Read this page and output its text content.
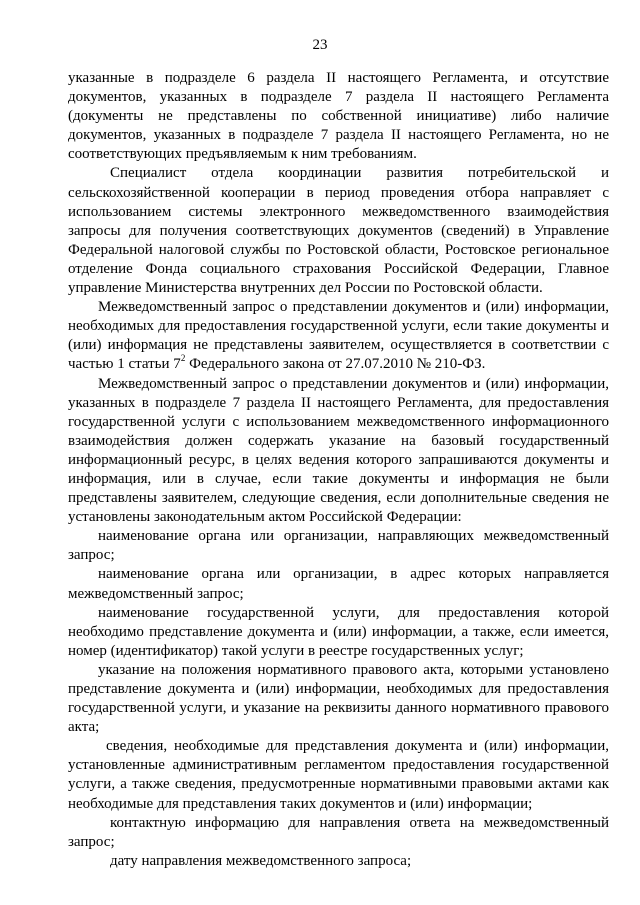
23

указанные в подразделе 6 раздела II настоящего Регламента, и отсутствие документов, указанных в подразделе 7 раздела II настоящего Регламента (документы не представлены по собственной инициативе) либо наличие документов, указанных в подразделе 7 раздела II настоящего Регламента, но не соответствующих предъявляемым к ним требованиям.

Специалист отдела координации развития потребительской и сельскохозяйственной кооперации в период проведения отбора направляет с использованием системы электронного межведомственного взаимодействия запросы для получения соответствующих документов (сведений) в Управление Федеральной налоговой службы по Ростовской области, Ростовское региональное отделение Фонда социального страхования Российской Федерации, Главное управление Министерства внутренних дел России по Ростовской области.

Межведомственный запрос о представлении документов и (или) информации, необходимых для предоставления государственной услуги, если такие документы и (или) информация не представлены заявителем, осуществляется в соответствии с частью 1 статьи $7^2$ Федерального закона от 27.07.2010 № 210-ФЗ.

Межведомственный запрос о представлении документов и (или) информации, указанных в подразделе 7 раздела II настоящего Регламента, для предоставления государственной услуги с использованием межведомственного информационного взаимодействия должен содержать указание на базовый государственный информационный ресурс, в целях ведения которого запрашиваются документы и информация, или в случае, если такие документы и информация не были представлены заявителем, следующие сведения, если дополнительные сведения не установлены законодательным актом Российской Федерации:

наименование органа или организации, направляющих межведомственный запрос;

наименование органа или организации, в адрес которых направляется межведомственный запрос;

наименование государственной услуги, для предоставления которой необходимо представление документа и (или) информации, а также, если имеется, номер (идентификатор) такой услуги в реестре государственных услуг;

указание на положения нормативного правового акта, которыми установлено представление документа и (или) информации, необходимых для предоставления государственной услуги, и указание на реквизиты данного нормативного правового акта;

сведения, необходимые для представления документа и (или) информации, установленные административным регламентом предоставления государственной услуги, а также сведения, предусмотренные нормативными правовыми актами как необходимые для представления таких документов и (или) информации;

контактную информацию для направления ответа на межведомственный запрос;

дату направления межведомственного запроса;
